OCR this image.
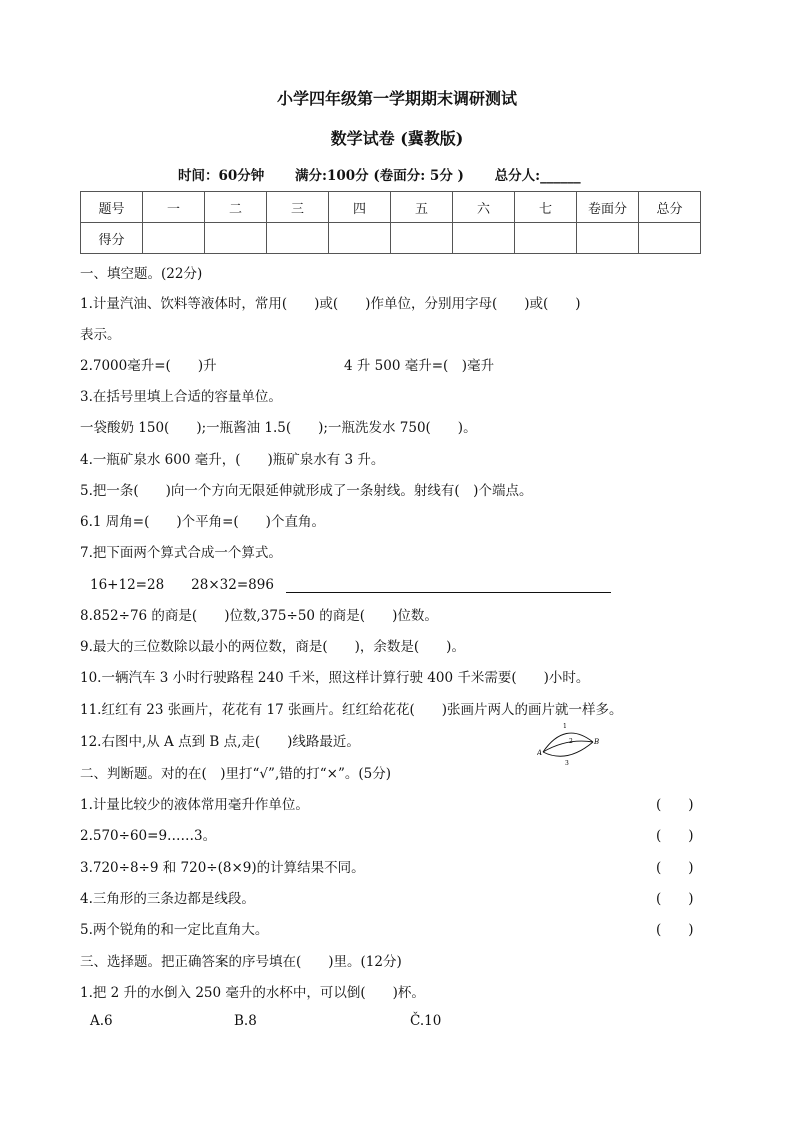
小学四年级第一学期期末调研测试
数学试卷 (冀教版)
时间：60分钟 满分:100分 (卷面分: 5分 ) 总分人:______
题号	一	二	三	四	五	六	七	卷面分	总分
得分									
一、填空题。(22分)
1.计量汽油、饮料等液体时，常用(　　)或(　　)作单位，分别用字母(　　)或(　　)
表示。
2.7000毫升=(　　)升	4 升 500 毫升=(　)毫升
3.在括号里填上合适的容量单位。
一袋酸奶 150(　　);一瓶酱油 1.5(　　);一瓶洗发水 750(　　)。
4.一瓶矿泉水 600 毫升，(　　)瓶矿泉水有 3 升。
5.把一条(　　)向一个方向无限延伸就形成了一条射线。射线有(　)个端点。
6.1 周角=(　　)个平角=(　　)个直角。
7.把下面两个算式合成一个算式。
16+12=28　　28×32=896
8.852÷76 的商是(　　)位数,375÷50 的商是(　　)位数。
9.最大的三位数除以最小的两位数，商是(　　)，余数是(　　)。
10.一辆汽车 3 小时行驶路程 240 千米，照这样计算行驶 400 千米需要(　　)小时。
11.红红有 23 张画片，花花有 17 张画片。红红给花花(　　)张画片两人的画片就一样多。
12.右图中,从 A 点到 B 点,走(　　)线路最近。
A
B
1
2
3
二、判断题。对的在(　)里打“√”,错的打“×”。(5分)
1.计量比较少的液体常用毫升作单位。	(　　)
2.570÷60=9……3。	(　　)
3.720÷8÷9 和 720÷(8×9)的计算结果不同。	(　　)
4.三角形的三条边都是线段。	(　　)
5.两个锐角的和一定比直角大。	(　　)
三、选择题。把正确答案的序号填在(　　)里。(12分)
1.把 2 升的水倒入 250 毫升的水杯中，可以倒(　　)杯。
A.6	B.8	Č.10
